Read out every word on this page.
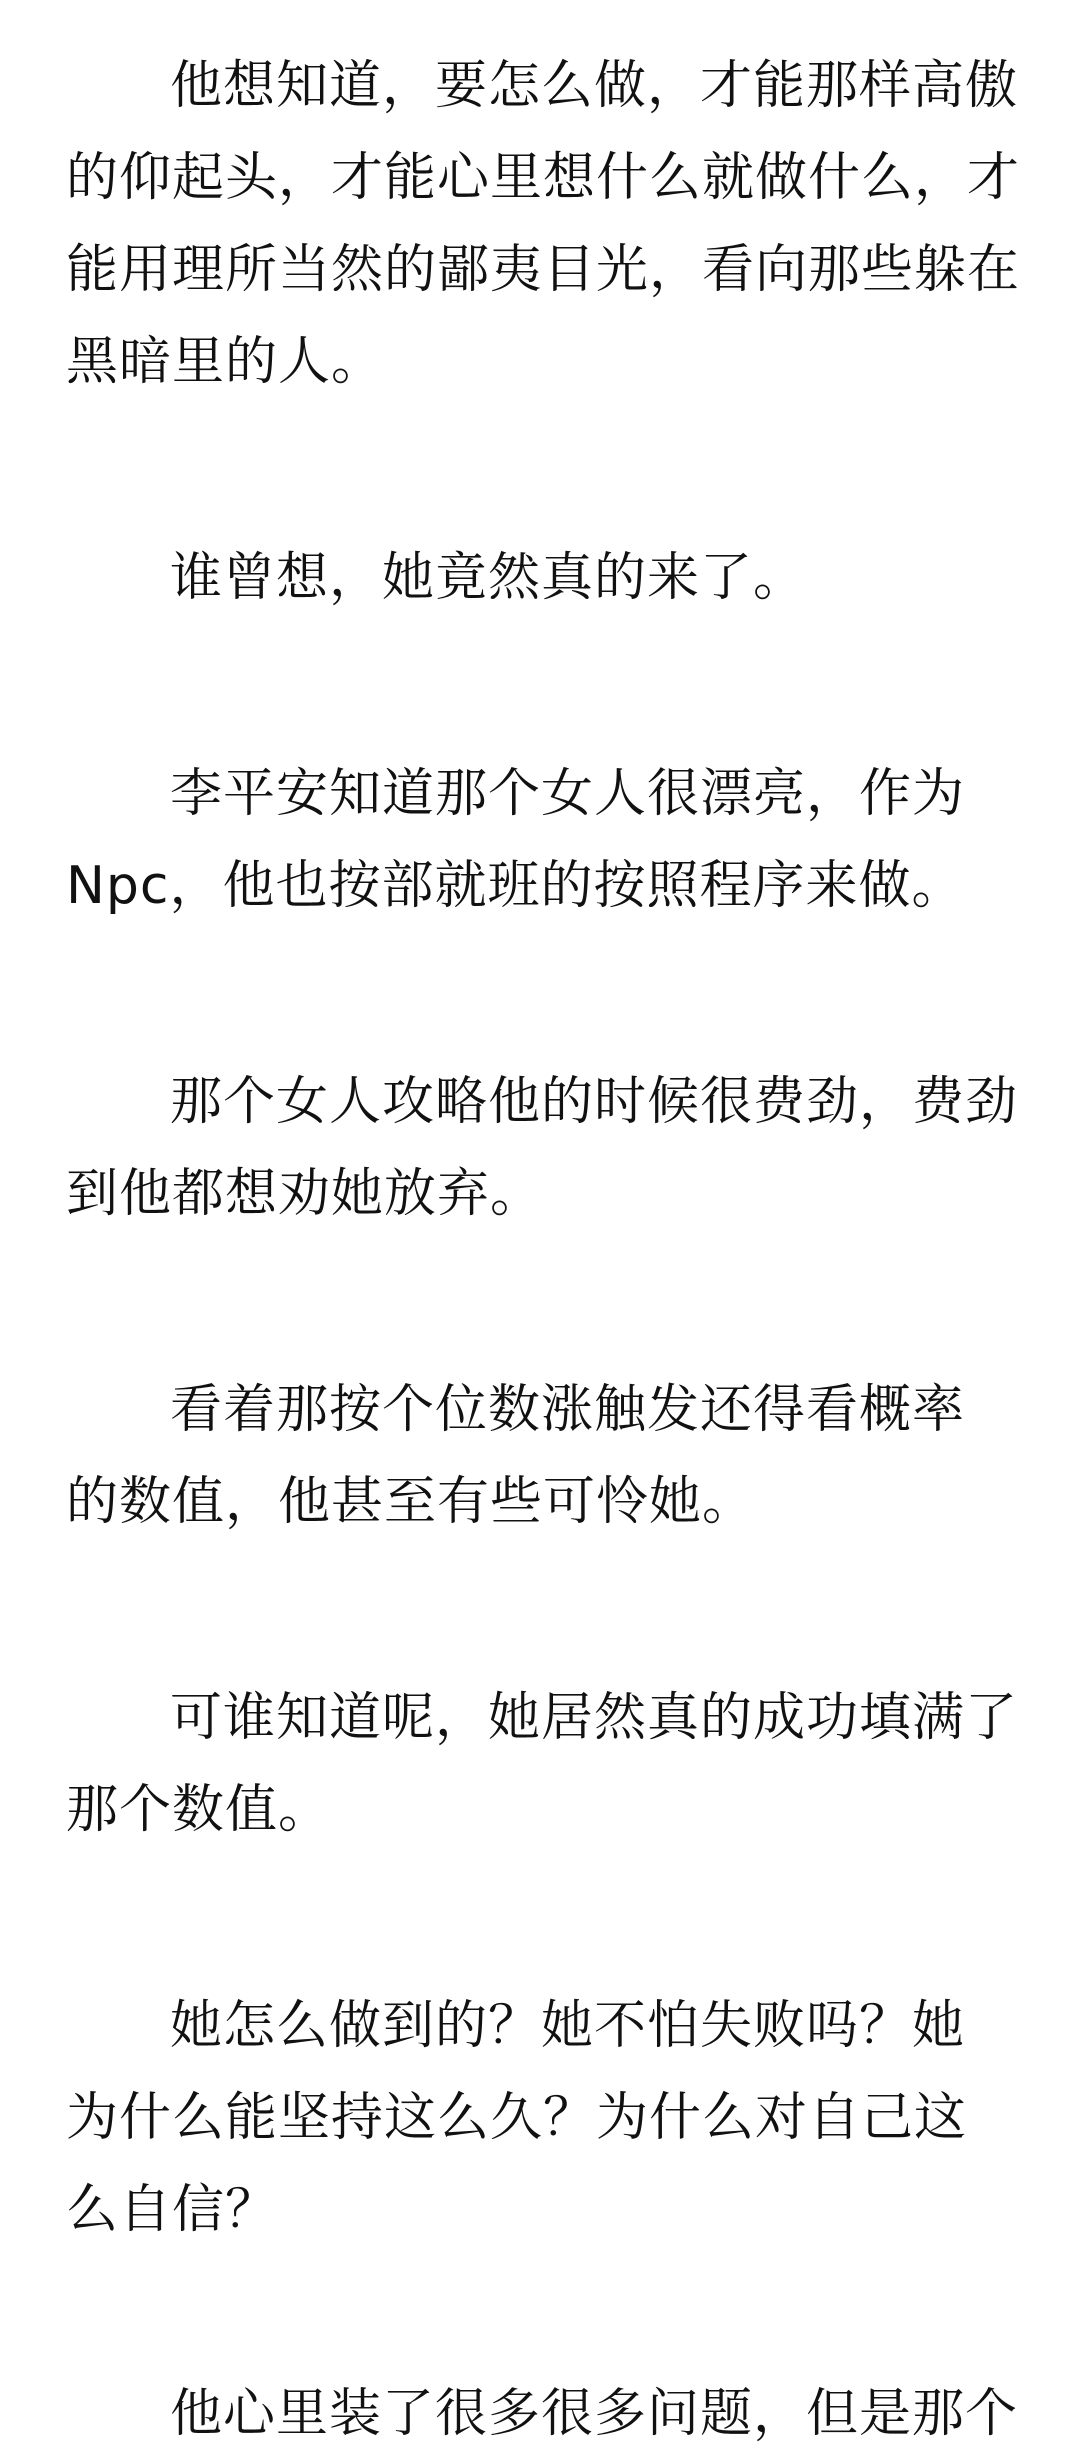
他想知道，要怎么做，才能那样高傲
的仰起头，才能心里想什么就做什么，才
能用理所当然的鄙夷目光，看向那些躲在
黑暗里的人。

谁曾想，她竟然真的来了。

李平安知道那个女人很漂亮，作为
Npc，他也按部就班的按照程序来做。

那个女人攻略他的时候很费劲，费劲
到他都想劝她放弃。

看着那按个位数涨触发还得看概率
的数值，他甚至有些可怜她。

可谁知道呢，她居然真的成功填满了
那个数值。

她怎么做到的？她不怕失败吗？她
为什么能坚持这么久？为什么对自己这
么自信？

他心里装了很多很多问题，但是那个
